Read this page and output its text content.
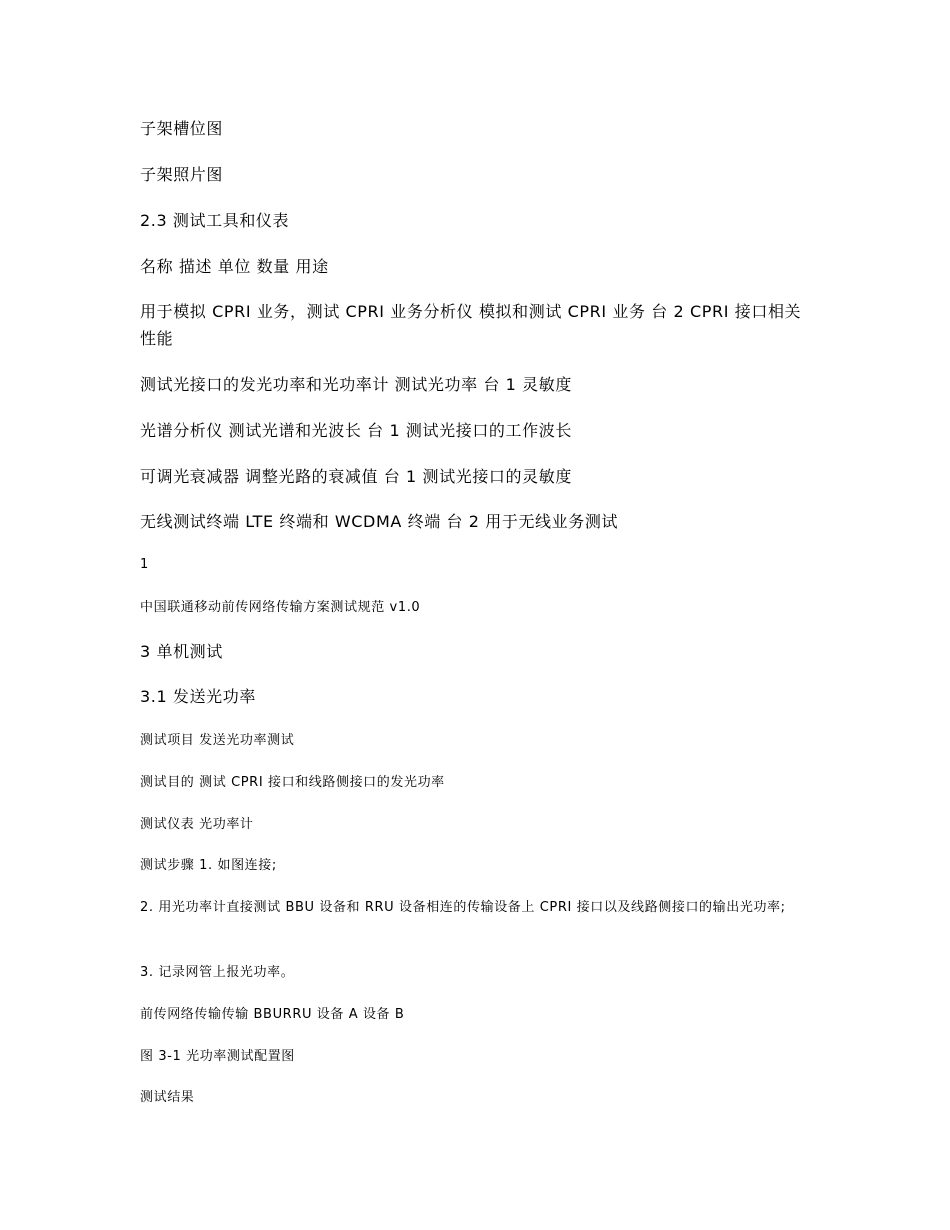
子架槽位图

子架照片图

2.3 测试工具和仪表

名称 描述 单位 数量 用途

用于模拟 CPRI 业务，测试 CPRI 业务分析仪 模拟和测试 CPRI 业务 台 2 CPRI 接口相关性能

测试光接口的发光功率和光功率计 测试光功率 台 1 灵敏度

光谱分析仪 测试光谱和光波长 台 1 测试光接口的工作波长

可调光衰减器 调整光路的衰减值 台 1 测试光接口的灵敏度

无线测试终端 LTE 终端和 WCDMA 终端 台 2 用于无线业务测试

1

中国联通移动前传网络传输方案测试规范 v1.0

3 单机测试

3.1 发送光功率

测试项目 发送光功率测试

测试目的 测试 CPRI 接口和线路侧接口的发光功率

测试仪表 光功率计

测试步骤 1. 如图连接;

2. 用光功率计直接测试 BBU 设备和 RRU 设备相连的传输设备上 CPRI 接口以及线路侧接口的输出光功率;

3. 记录网管上报光功率。

前传网络传输传输 BBURRU 设备 A 设备 B

图 3-1 光功率测试配置图

测试结果
